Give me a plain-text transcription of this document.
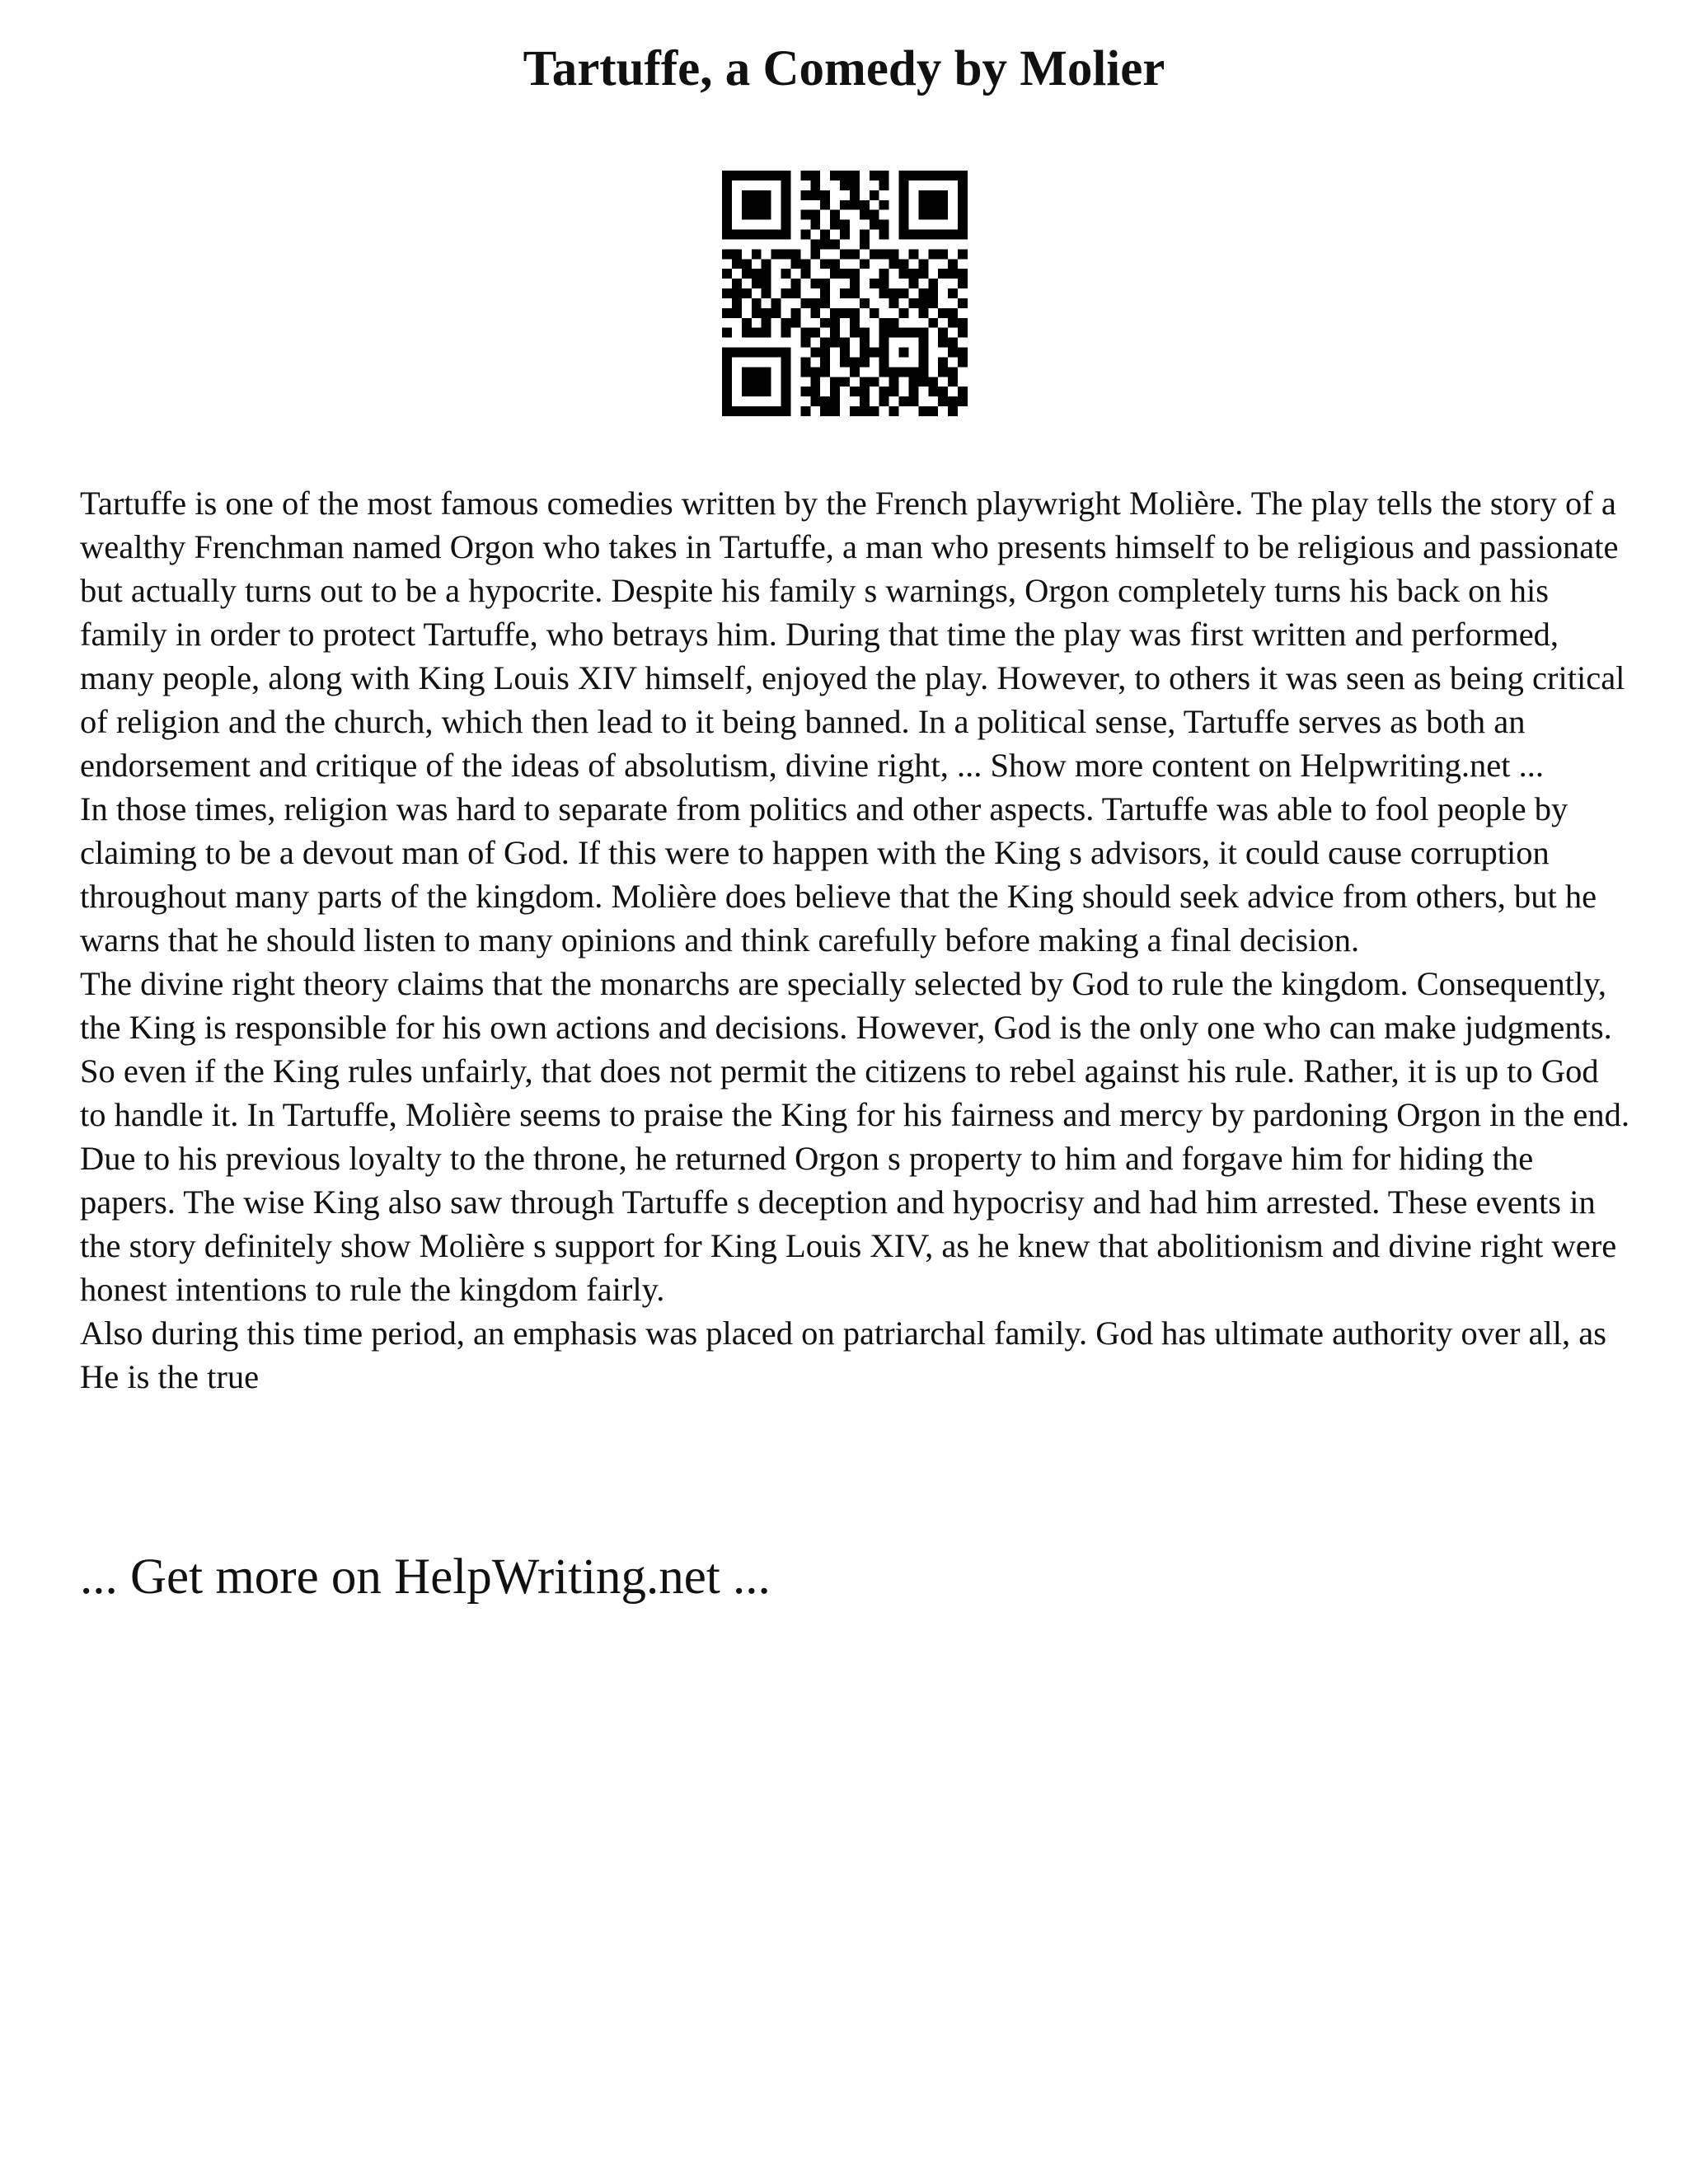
Tartuffe, a Comedy by Molier

Tartuffe is one of the most famous comedies written by the French playwright Molière. The play tells the story of a wealthy Frenchman named Orgon who takes in Tartuffe, a man who presents himself to be religious and passionate but actually turns out to be a hypocrite. Despite his family s warnings, Orgon completely turns his back on his family in order to protect Tartuffe, who betrays him. During that time the play was first written and performed, many people, along with King Louis XIV himself, enjoyed the play. However, to others it was seen as being critical of religion and the church, which then lead to it being banned. In a political sense, Tartuffe serves as both an endorsement and critique of the ideas of absolutism, divine right, ... Show more content on Helpwriting.net ...

In those times, religion was hard to separate from politics and other aspects. Tartuffe was able to fool people by claiming to be a devout man of God. If this were to happen with the King s advisors, it could cause corruption throughout many parts of the kingdom. Molière does believe that the King should seek advice from others, but he warns that he should listen to many opinions and think carefully before making a final decision.

The divine right theory claims that the monarchs are specially selected by God to rule the kingdom. Consequently, the King is responsible for his own actions and decisions. However, God is the only one who can make judgments. So even if the King rules unfairly, that does not permit the citizens to rebel against his rule. Rather, it is up to God to handle it. In Tartuffe, Molière seems to praise the King for his fairness and mercy by pardoning Orgon in the end. Due to his previous loyalty to the throne, he returned Orgon s property to him and forgave him for hiding the papers. The wise King also saw through Tartuffe s deception and hypocrisy and had him arrested. These events in the story definitely show Molière s support for King Louis XIV, as he knew that abolitionism and divine right were honest intentions to rule the kingdom fairly.

Also during this time period, an emphasis was placed on patriarchal family. God has ultimate authority over all, as He is the true

... Get more on HelpWriting.net ...
